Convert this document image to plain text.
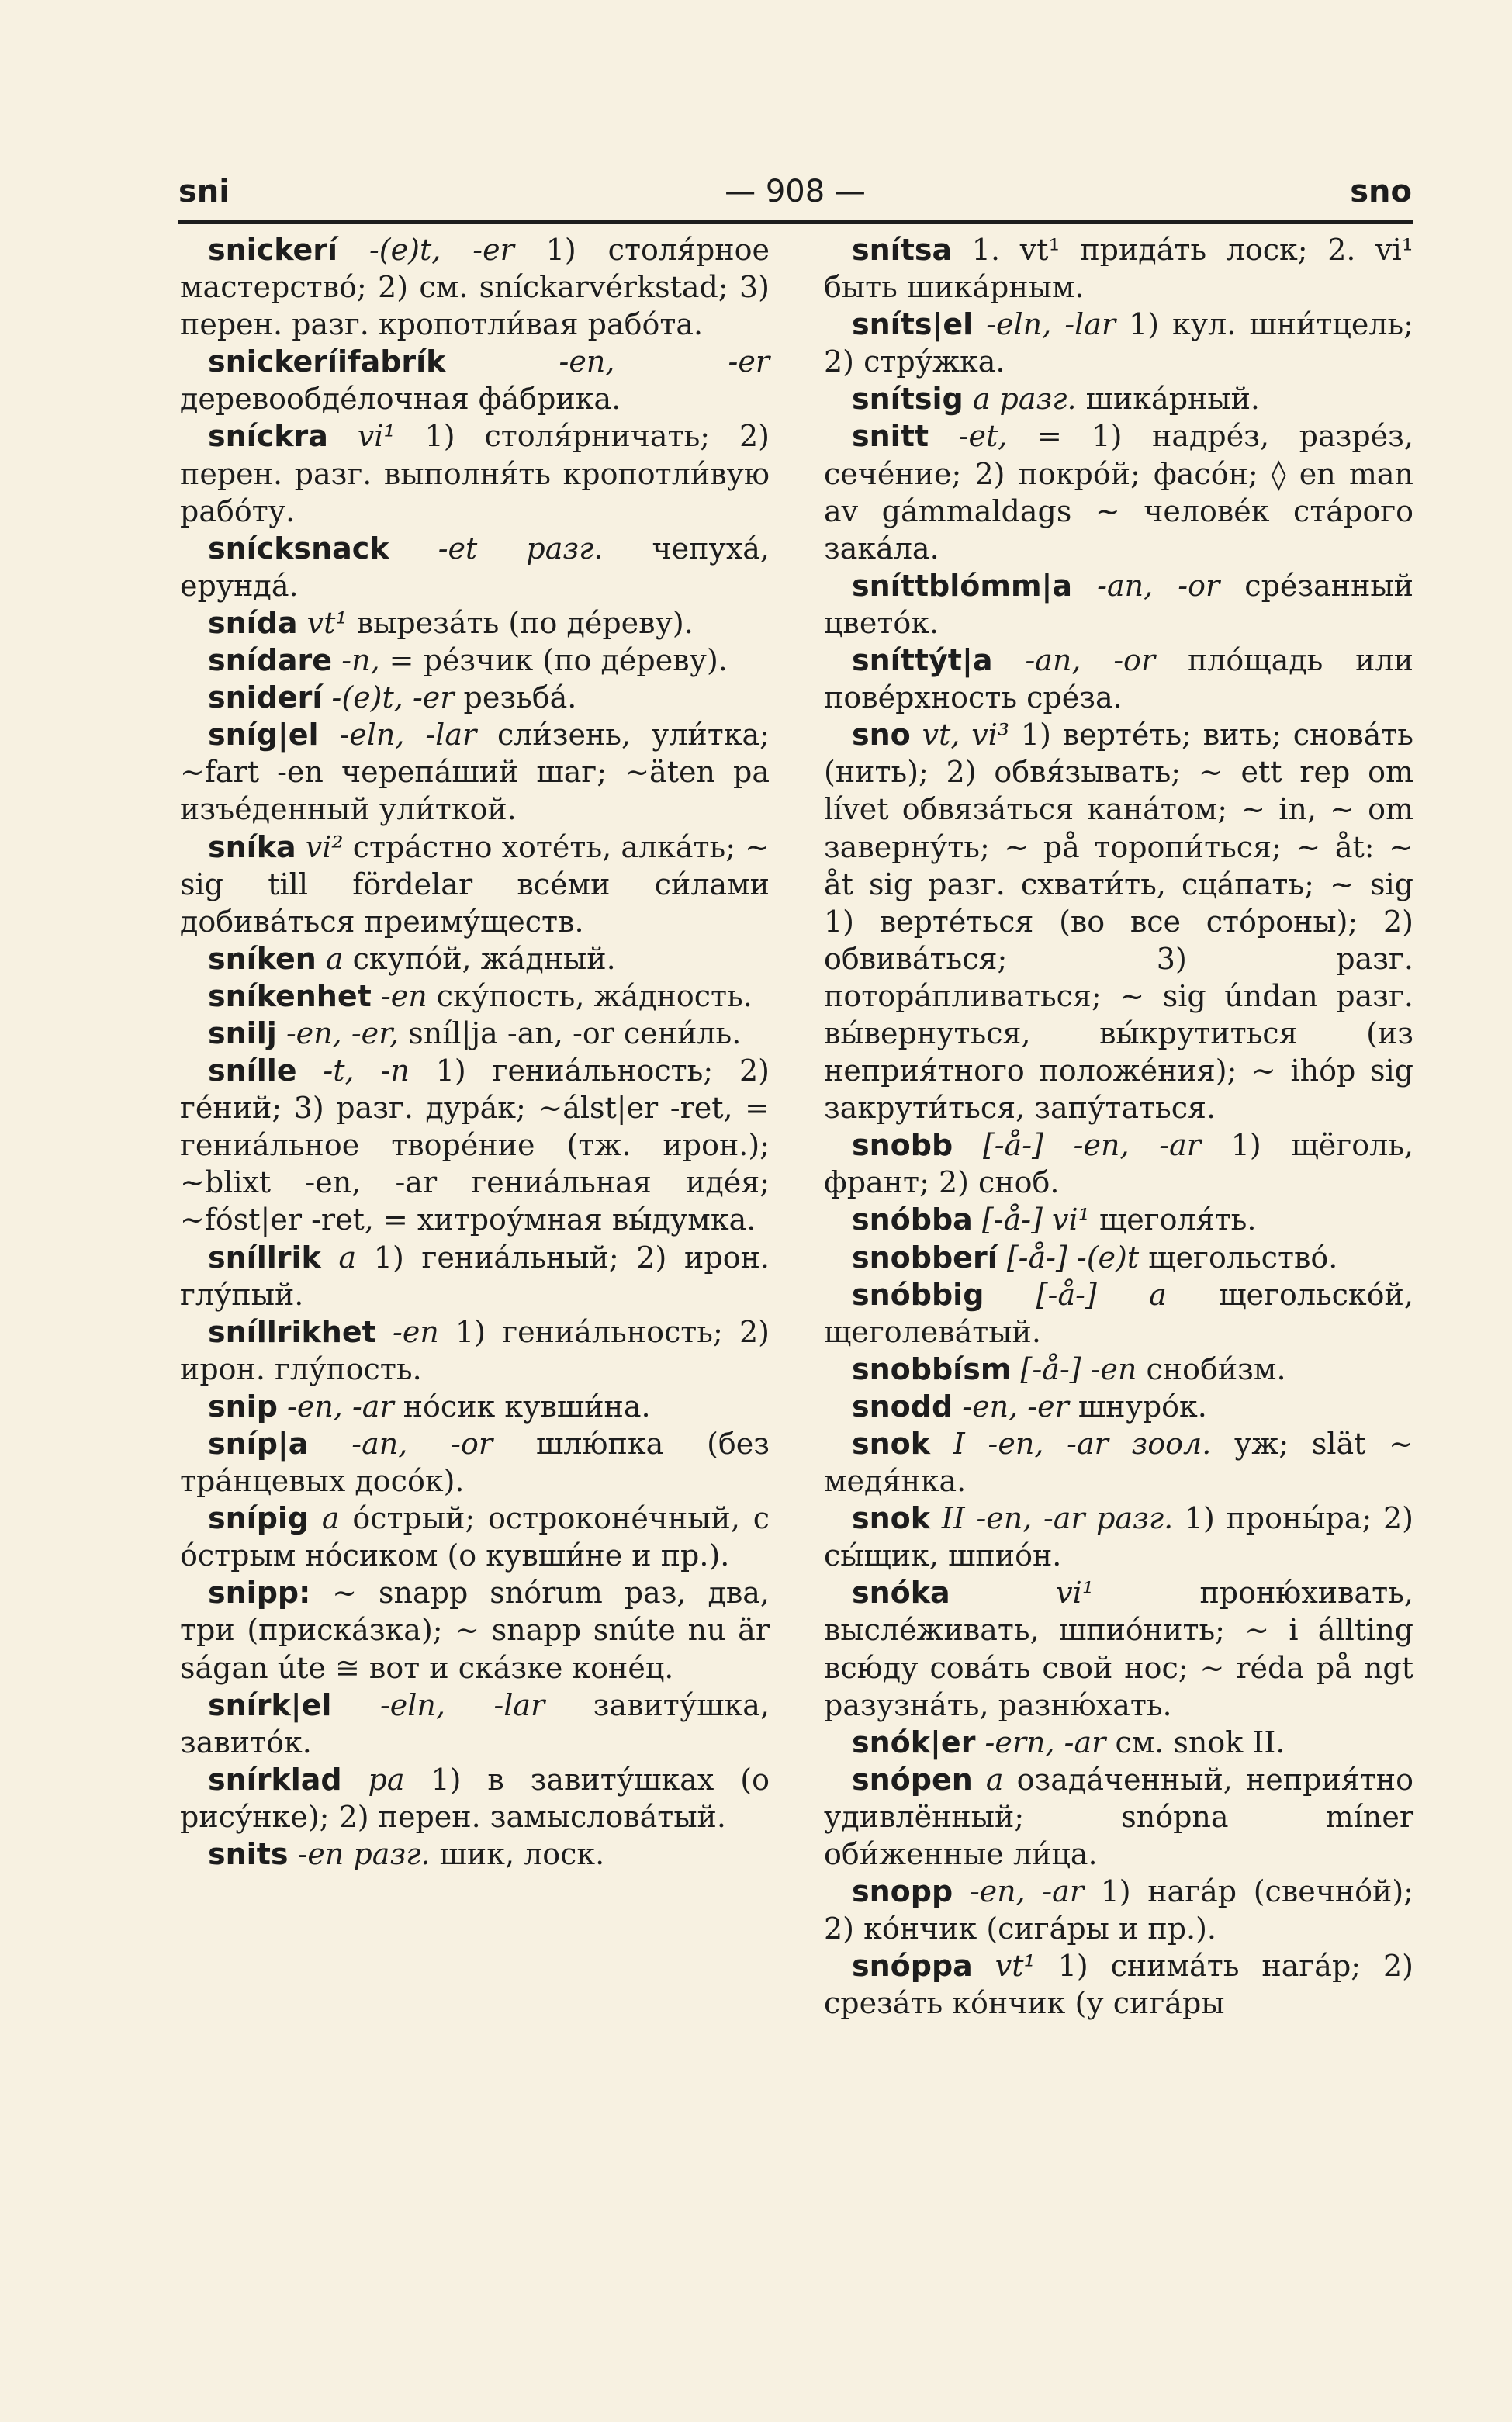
sni	— 908 —	sno

snickerí -(e)t, -er 1) столя́рное мастерство́; 2) см. sníckarvérkstad; 3) перен. разг. кропотли́вая рабо́та.

snickeríifabrík	-en, -er деревообде́лочная фа́брика.

sníckra vi¹ 1) столя́рничать; 2) перен. разг. выполня́ть кропотли́вую рабо́ту.

snícksnack -et разг. чепуха́, ерунда́.

snída vt¹ выреза́ть (по де́реву).

snídare -n, = ре́зчик (по де́реву).

sniderí -(e)t, -er резьба́.

sníg|el -eln, -lar сли́зень, ули́тка; ~fart -en черепа́ший шаг; ~äten pa изъе́денный ули́ткой.

sníka vi² стра́стно хоте́ть, алка́ть; ~ sig till fördelar все́ми си́лами добива́ться преиму́ществ.

sníken a скупо́й, жа́дный.

sníkenhet -en ску́пость, жа́дность.

snilj -en, -er, sníl|ja -an, -or сени́ль.

snílle -t, -n 1) гениа́льность; 2) ге́ний; 3) разг. дура́к; ~álst|er -ret, = гениа́льное творе́ние (тж. ирон.); ~blixt -en, -ar гениа́льная иде́я; ~fóst|er -ret, = хитроу́мная вы́думка.

sníllrik a 1) гениа́льный; 2) ирон. глу́пый.

sníllrikhet -en 1) гениа́льность; 2) ирон. глу́пость.

snip -en, -ar но́сик кувши́на.

sníp|a -an, -or шлю́пка (без тра́нцевых досо́к).

snípig a о́стрый; остроконе́чный, с о́стрым но́сиком (о кувши́не и пр.).

snipp: ~ snapp snórum раз, два, три (приска́зка); ~ snapp snúte nu är ságan úte ≅ вот и ска́зке коне́ц.

snírk|el -eln, -lar завиту́шка, завито́к.

snírklad pa 1) в завиту́шках (о рису́нке); 2) перен. замыслова́тый.

snits -en разг. шик, лоск.

snítsa 1. vt¹ прида́ть лоск; 2. vi¹ быть шика́рным.

sníts|el -eln, -lar 1) кул. шни́тцель; 2) стру́жка.

snítsig a разг. шика́рный.

snitt -et, = 1) надре́з, разре́з, сече́ние; 2) покро́й; фасо́н; ◊ en man av gámmaldags ~ челове́к ста́рого зака́ла.

sníttblómm|a -an, -or сре́занный цвето́к.

sníttýt|a -an, -or пло́щадь или пове́рхность сре́за.

sno vt, vi³ 1) верте́ть; вить; снова́ть (нить); 2) обвя́зывать; ~ ett rep om lívet обвяза́ться кана́том; ~ in, ~ om заверну́ть; ~ på торопи́ться; ~ åt: ~ åt sig разг. схвати́ть, сца́пать; ~ sig 1) верте́ться (во все сто́роны); 2) обвива́ться; 3) разг. потора́пливаться; ~ sig úndan разг. вы́вернуться, вы́крутиться (из неприя́тного положе́ния); ~ ihóp sig закрути́ться, запу́таться.

snobb [-å-] -en, -ar 1) щёголь, франт; 2) сноб.

snóbba [-å-] vi¹ щеголя́ть.

snobberí [-å-] -(e)t щегольство́.

snóbbig [-å-] a щегольско́й, щеголева́тый.

snobbísm [-å-] -en сноби́зм.

snodd -en, -er шнуро́к.

snok I -en, -ar зоол. уж; slät ~ медя́нка.

snok II -en, -ar разг. 1) проны́ра; 2) сы́щик, шпио́н.

snóka	vi¹	проню́хивать, высле́живать, шпио́нить; ~ i állting всю́ду сова́ть свой нос; ~ réda på ngt разузна́ть, разню́хать.

snók|er -ern, -ar см. snok II.

snópen a озада́ченный, неприя́тно удивлённый; snópna míner оби́женные ли́ца.

snopp -en, -ar 1) нага́р (свечно́й); 2) ко́нчик (сига́ры и пр.).

snóppa vt¹ 1) снима́ть нага́р; 2) среза́ть ко́нчик (у сига́ры
